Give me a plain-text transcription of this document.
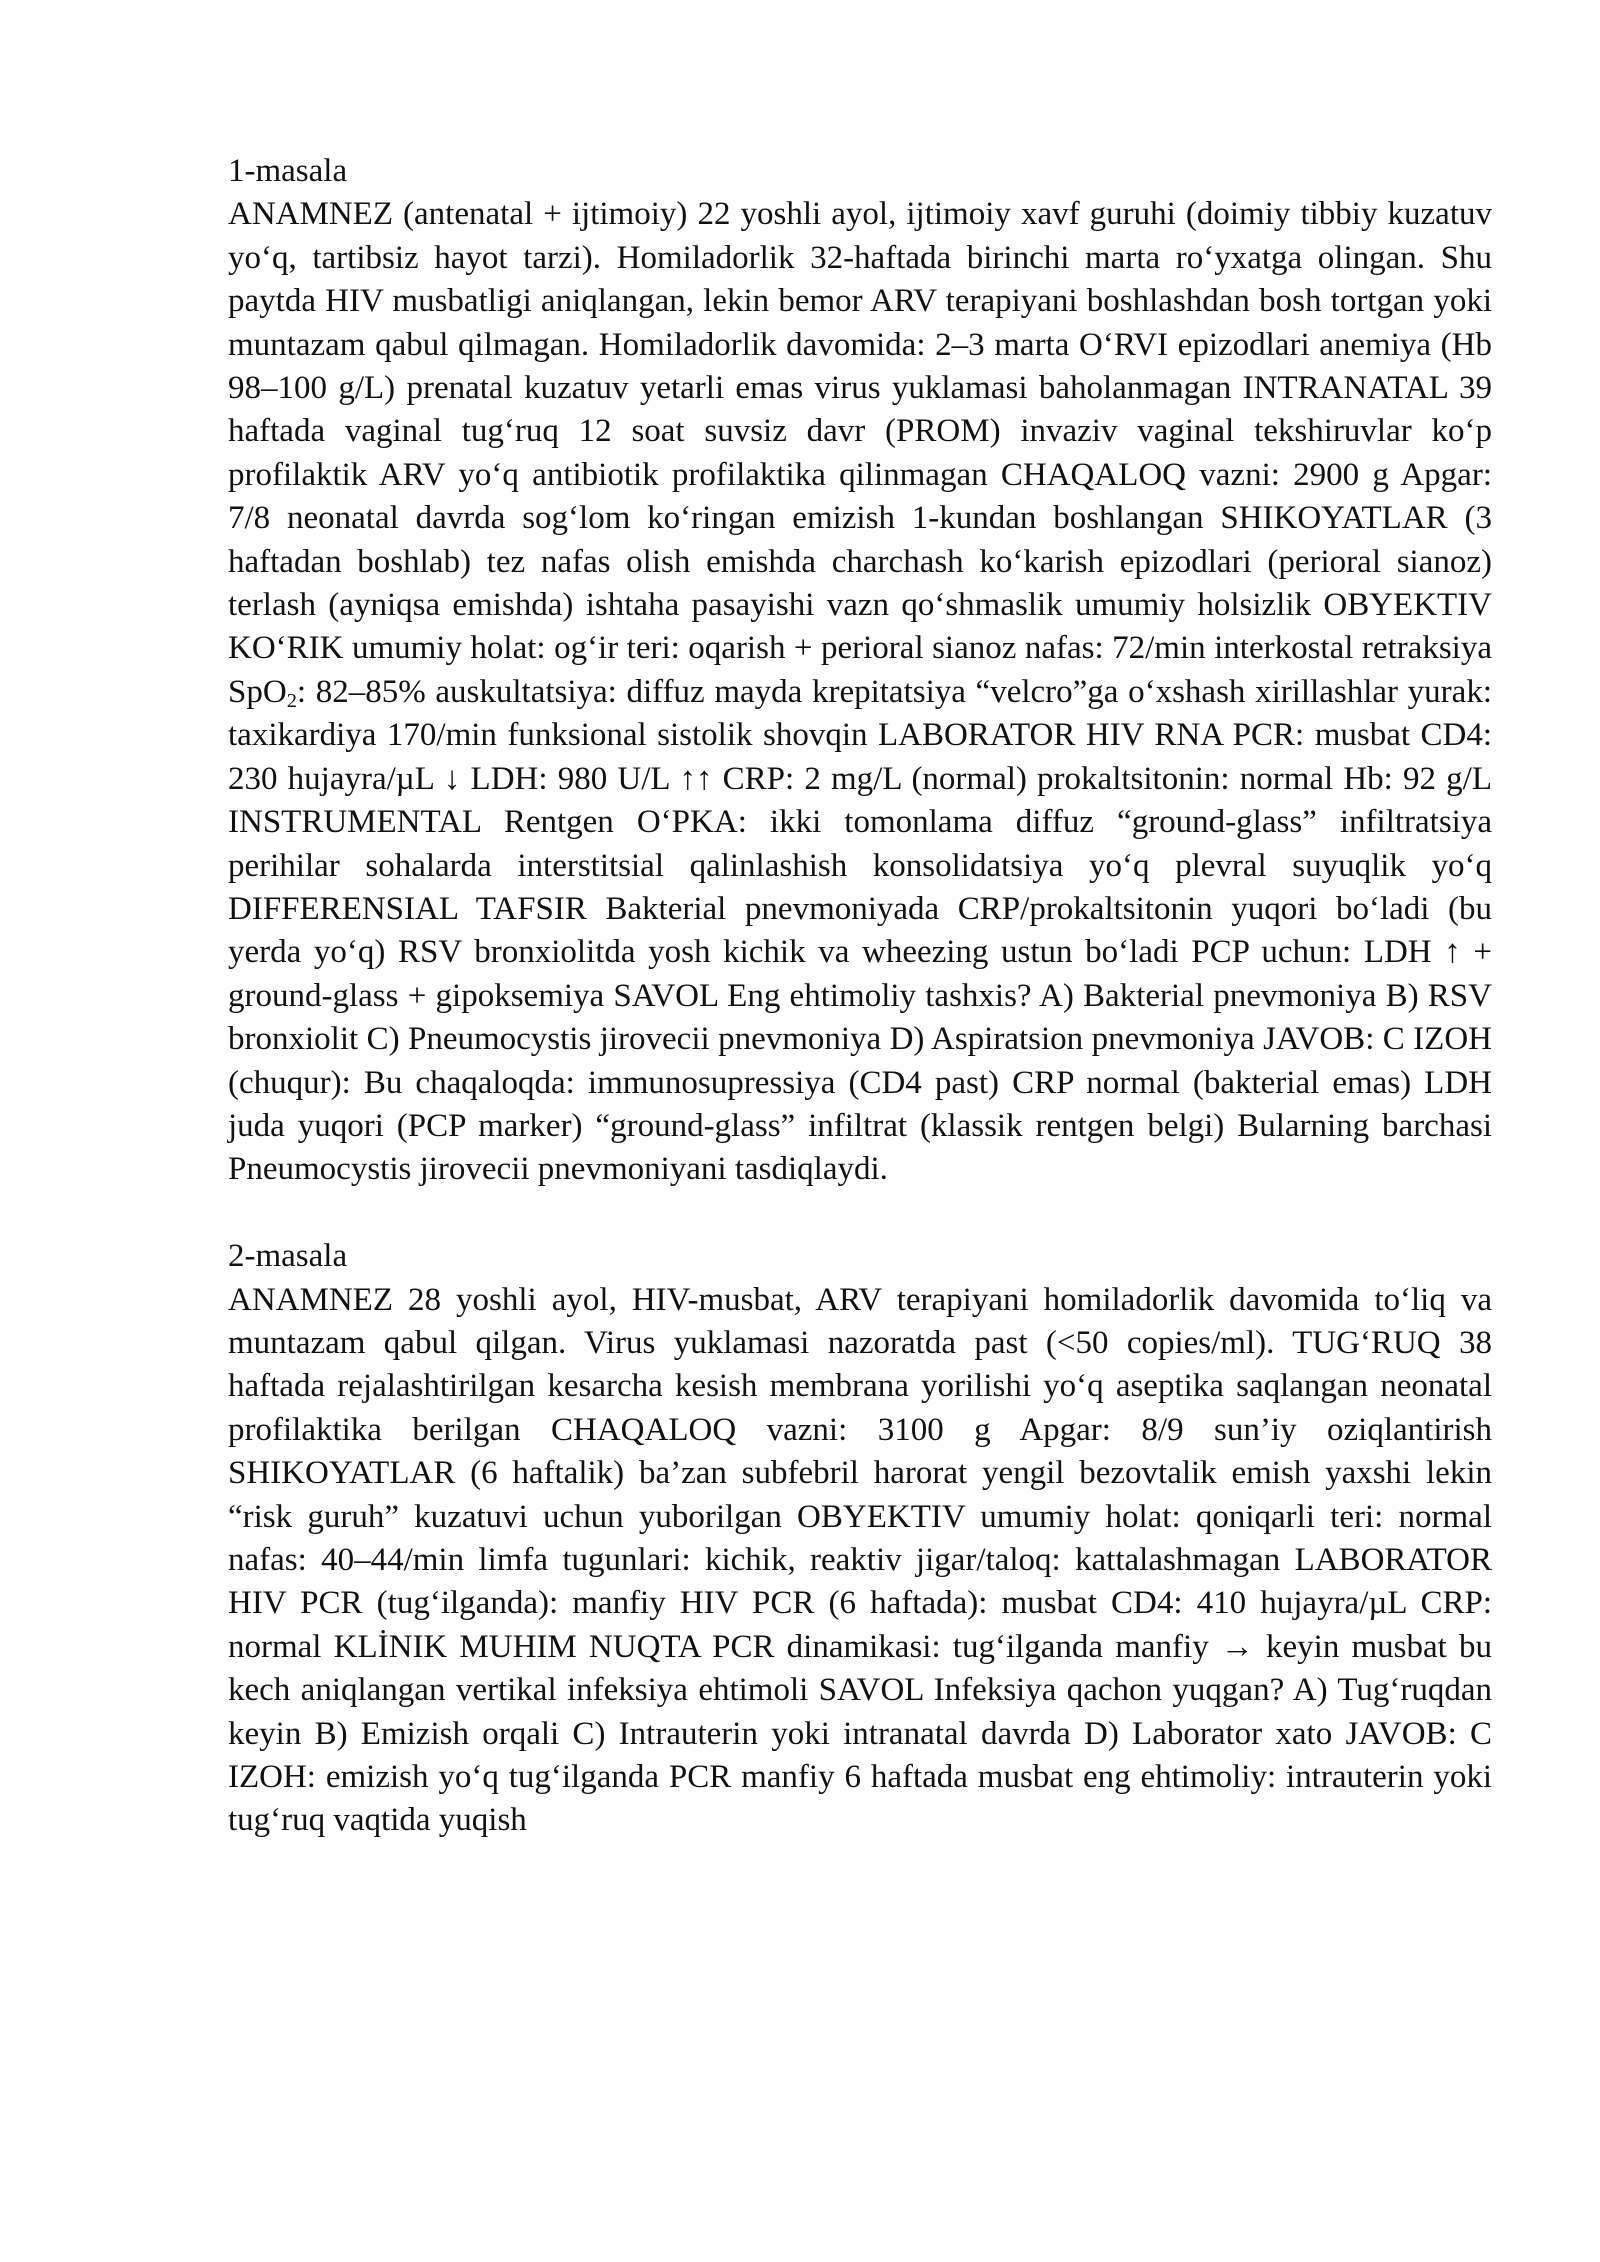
1-masala

ANAMNEZ (antenatal + ijtimoiy) 22 yoshli ayol, ijtimoiy xavf guruhi (doimiy tibbiy kuzatuv yo‘q, tartibsiz hayot tarzi). Homiladorlik 32-haftada birinchi marta ro‘yxatga olingan. Shu paytda HIV musbatligi aniqlangan, lekin bemor ARV terapiyani boshlashdan bosh tortgan yoki muntazam qabul qilmagan. Homiladorlik davomida: 2–3 marta O‘RVI epizodlari anemiya (Hb 98–100 g/L) prenatal kuzatuv yetarli emas virus yuklamasi baholanmagan INTRANATAL 39 haftada vaginal tug‘ruq 12 soat suvsiz davr (PROM) invaziv vaginal tekshiruvlar ko‘p profilaktik ARV yo‘q antibiotik profilaktika qilinmagan CHAQALOQ vazni: 2900 g Apgar: 7/8 neonatal davrda sog‘lom ko‘ringan emizish 1-kundan boshlangan SHIKOYATLAR (3 haftadan boshlab) tez nafas olish emishda charchash ko‘karish epizodlari (perioral sianoz) terlash (ayniqsa emishda) ishtaha pasayishi vazn qo‘shmaslik umumiy holsizlik OBYEKTIV KO‘RIK umumiy holat: og‘ir teri: oqarish + perioral sianoz nafas: 72/min interkostal retraksiya SpO$_2$: 82–85% auskultatsiya: diffuz mayda krepitatsiya “velcro”ga o‘xshash xirillashlar yurak: taxikardiya 170/min funksional sistolik shovqin LABORATOR HIV RNA PCR: musbat CD4: 230 hujayra/µL ↓ LDH: 980 U/L ↑↑ CRP: 2 mg/L (normal) prokaltsitonin: normal Hb: 92 g/L INSTRUMENTAL Rentgen O‘PKA: ikki tomonlama diffuz “ground-glass” infiltratsiya perihilar sohalarda interstitsial qalinlashish konsolidatsiya yo‘q plevral suyuqlik yo‘q DIFFERENSIAL TAFSIR Bakterial pnevmoniyada CRP/prokaltsitonin yuqori bo‘ladi (bu yerda yo‘q) RSV bronxiolitda yosh kichik va wheezing ustun bo‘ladi PCP uchun: LDH ↑ + ground-glass + gipoksemiya SAVOL Eng ehtimoliy tashxis? A) Bakterial pnevmoniya B) RSV bronxiolit C) Pneumocystis jirovecii pnevmoniya D) Aspiratsion pnevmoniya JAVOB: C IZOH (chuqur): Bu chaqaloqda: immunosupressiya (CD4 past) CRP normal (bakterial emas) LDH juda yuqori (PCP marker) “ground-glass” infiltrat (klassik rentgen belgi) Bularning barchasi Pneumocystis jirovecii pnevmoniyani tasdiqlaydi.

2-masala

ANAMNEZ 28 yoshli ayol, HIV-musbat, ARV terapiyani homiladorlik davomida to‘liq va muntazam qabul qilgan. Virus yuklamasi nazoratda past (<50 copies/ml). TUG‘RUQ 38 haftada rejalashtirilgan kesarcha kesish membrana yorilishi yo‘q aseptika saqlangan neonatal profilaktika berilgan CHAQALOQ vazni: 3100 g Apgar: 8/9 sun’iy oziqlantirish SHIKOYATLAR (6 haftalik) ba’zan subfebril harorat yengil bezovtalik emish yaxshi lekin “risk guruh” kuzatuvi uchun yuborilgan OBYEKTIV umumiy holat: qoniqarli teri: normal nafas: 40–44/min limfa tugunlari: kichik, reaktiv jigar/taloq: kattalashmagan LABORATOR HIV PCR (tug‘ilganda): manfiy HIV PCR (6 haftada): musbat CD4: 410 hujayra/µL CRP: normal KLİNIK MUHIM NUQTA PCR dinamikasi: tug‘ilganda manfiy → keyin musbat bu kech aniqlangan vertikal infeksiya ehtimoli SAVOL Infeksiya qachon yuqgan? A) Tug‘ruqdan keyin B) Emizish orqali C) Intrauterin yoki intranatal davrda D) Laborator xato JAVOB: C IZOH: emizish yo‘q tug‘ilganda PCR manfiy 6 haftada musbat eng ehtimoliy: intrauterin yoki tug‘ruq vaqtida yuqish
